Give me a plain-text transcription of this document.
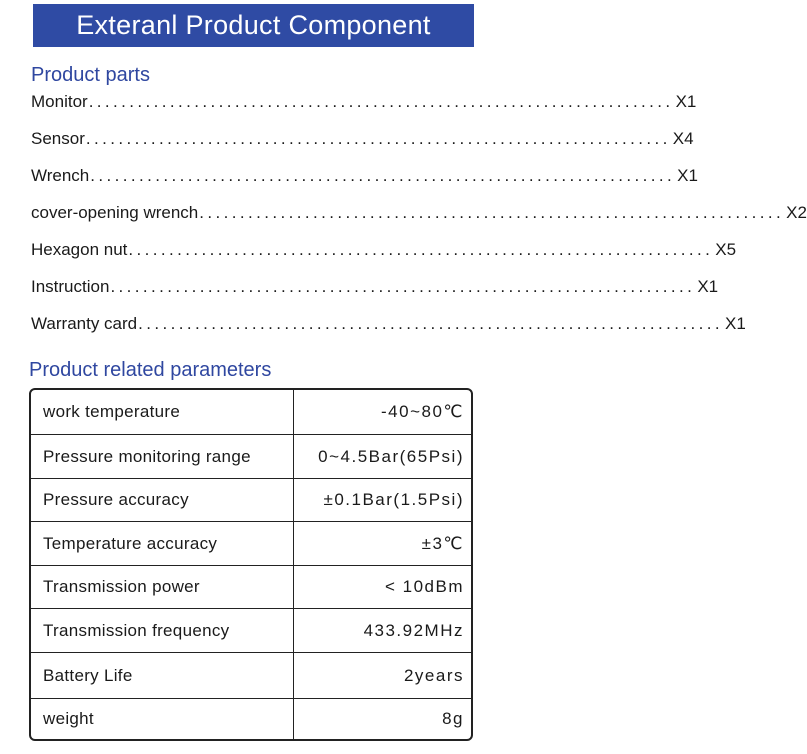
Exteranl Product Component
Product parts
Monitor ........................................................................ X1
Sensor ........................................................................ X4
Wrench ........................................................................ X1
cover-opening wrench ........................................................................ X2
Hexagon nut ........................................................................ X5
Instruction ........................................................................ X1
Warranty card ........................................................................ X1
Product related parameters
work temperature	-40~80℃
Pressure monitoring range	0~4.5Bar(65Psi)
Pressure accuracy	±0.1Bar(1.5Psi)
Temperature accuracy	±3℃
Transmission power	< 10dBm
Transmission frequency	433.92MHz
Battery Life	2years
weight	8g
